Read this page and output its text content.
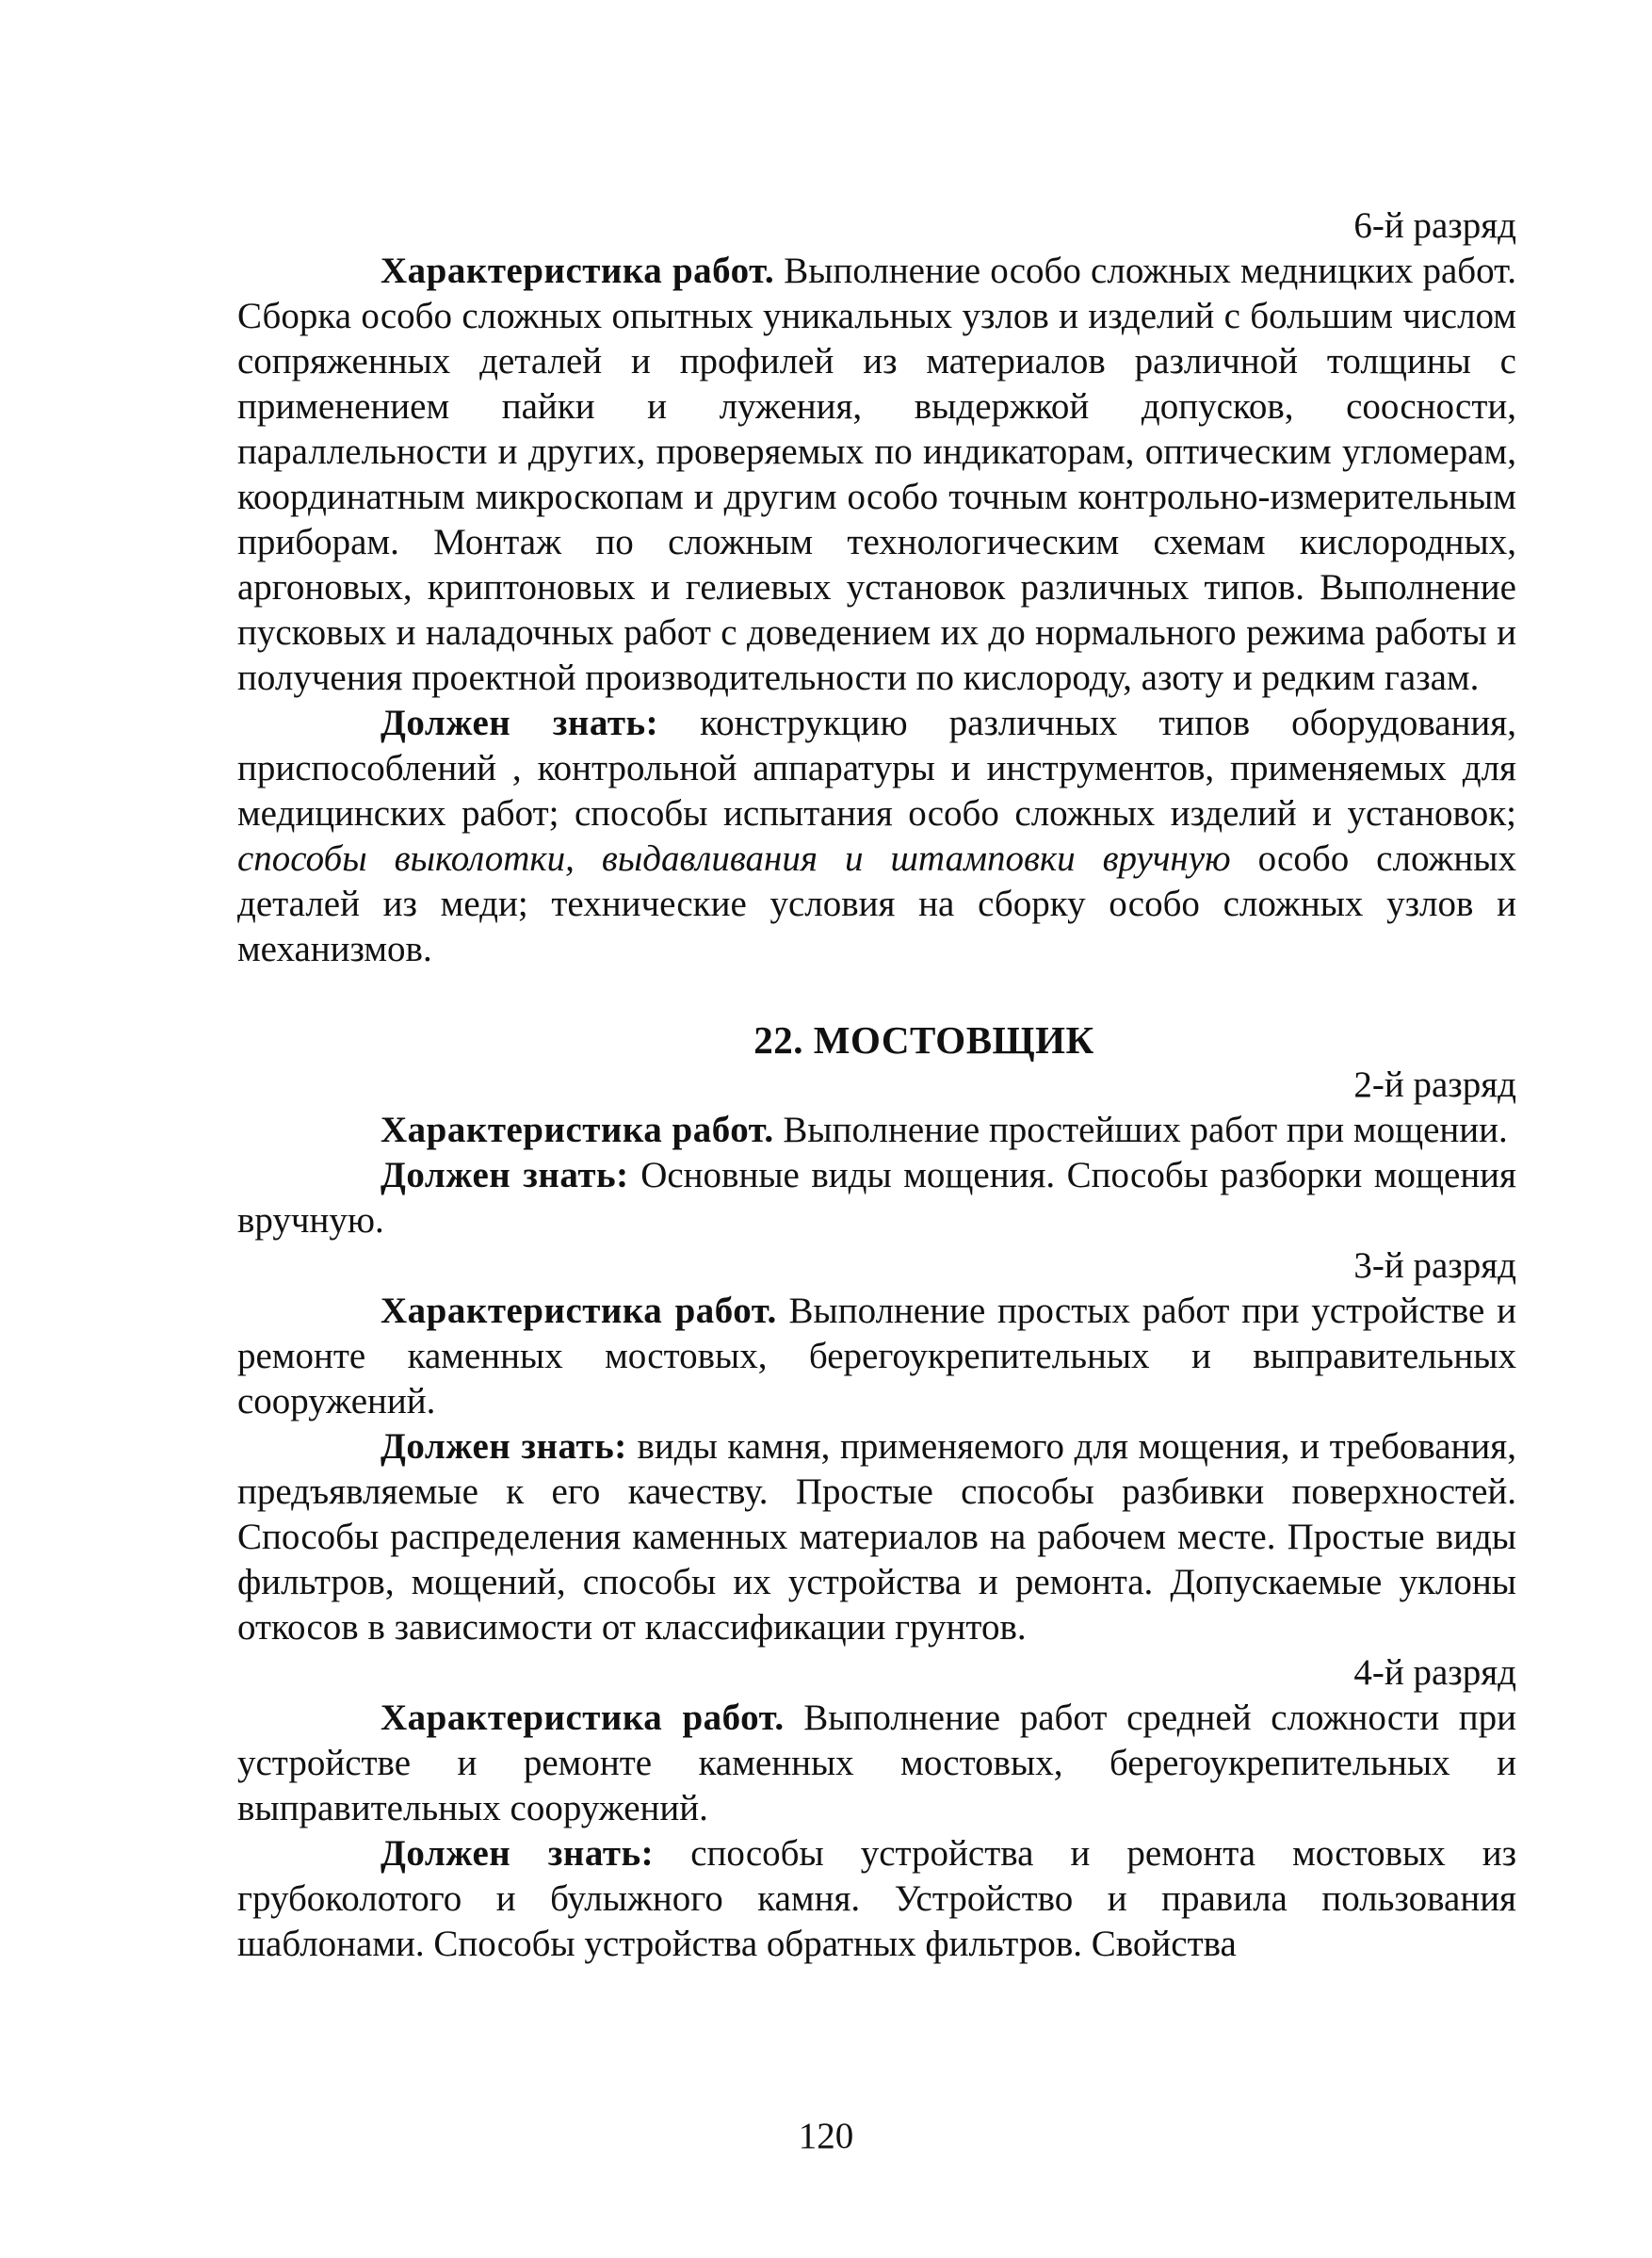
6-й разряд

Характеристика работ. Выполнение особо сложных медницких работ. Сборка особо сложных опытных уникальных узлов и изделий с большим числом сопряженных деталей и профилей из материалов различной толщины с применением пайки и лужения, выдержкой допусков, соосности, параллельности и других, проверяемых по индикаторам, оптическим угломерам, координатным микроскопам и другим особо точным контрольно-измерительным приборам. Монтаж по сложным технологическим схемам кислородных, аргоновых, криптоновых и гелиевых установок различных типов. Выполнение пусковых и наладочных работ с доведением их до нормального режима работы и получения проектной производительности по кислороду, азоту и редким газам.

Должен знать: конструкцию различных типов оборудования, приспособлений , контрольной аппаратуры и инструментов, применяемых для медицинских работ; способы испытания особо сложных изделий и установок; способы выколотки, выдавливания и штамповки вручную особо сложных деталей из меди; технические условия на сборку особо сложных узлов и механизмов.

22. МОСТОВЩИК

2-й разряд

Характеристика работ. Выполнение простейших работ при мощении.

Должен знать: Основные виды мощения. Способы разборки мощения вручную.

3-й разряд

Характеристика работ. Выполнение простых работ при устройстве и ремонте каменных мостовых, берегоукрепительных и выправительных сооружений.

Должен знать: виды камня, применяемого для мощения, и требования, предъявляемые к его качеству. Простые способы разбивки поверхностей. Способы распределения каменных материалов на рабочем месте. Простые виды фильтров, мощений, способы их устройства и ремонта. Допускаемые уклоны откосов в зависимости от классификации грунтов.

4-й разряд

Характеристика работ. Выполнение работ средней сложности при устройстве и ремонте каменных мостовых, берегоукрепительных и выправительных сооружений.

Должен знать: способы устройства и ремонта мостовых из грубоколотого и булыжного камня. Устройство и правила пользования шаблонами. Способы устройства обратных фильтров. Свойства

120
